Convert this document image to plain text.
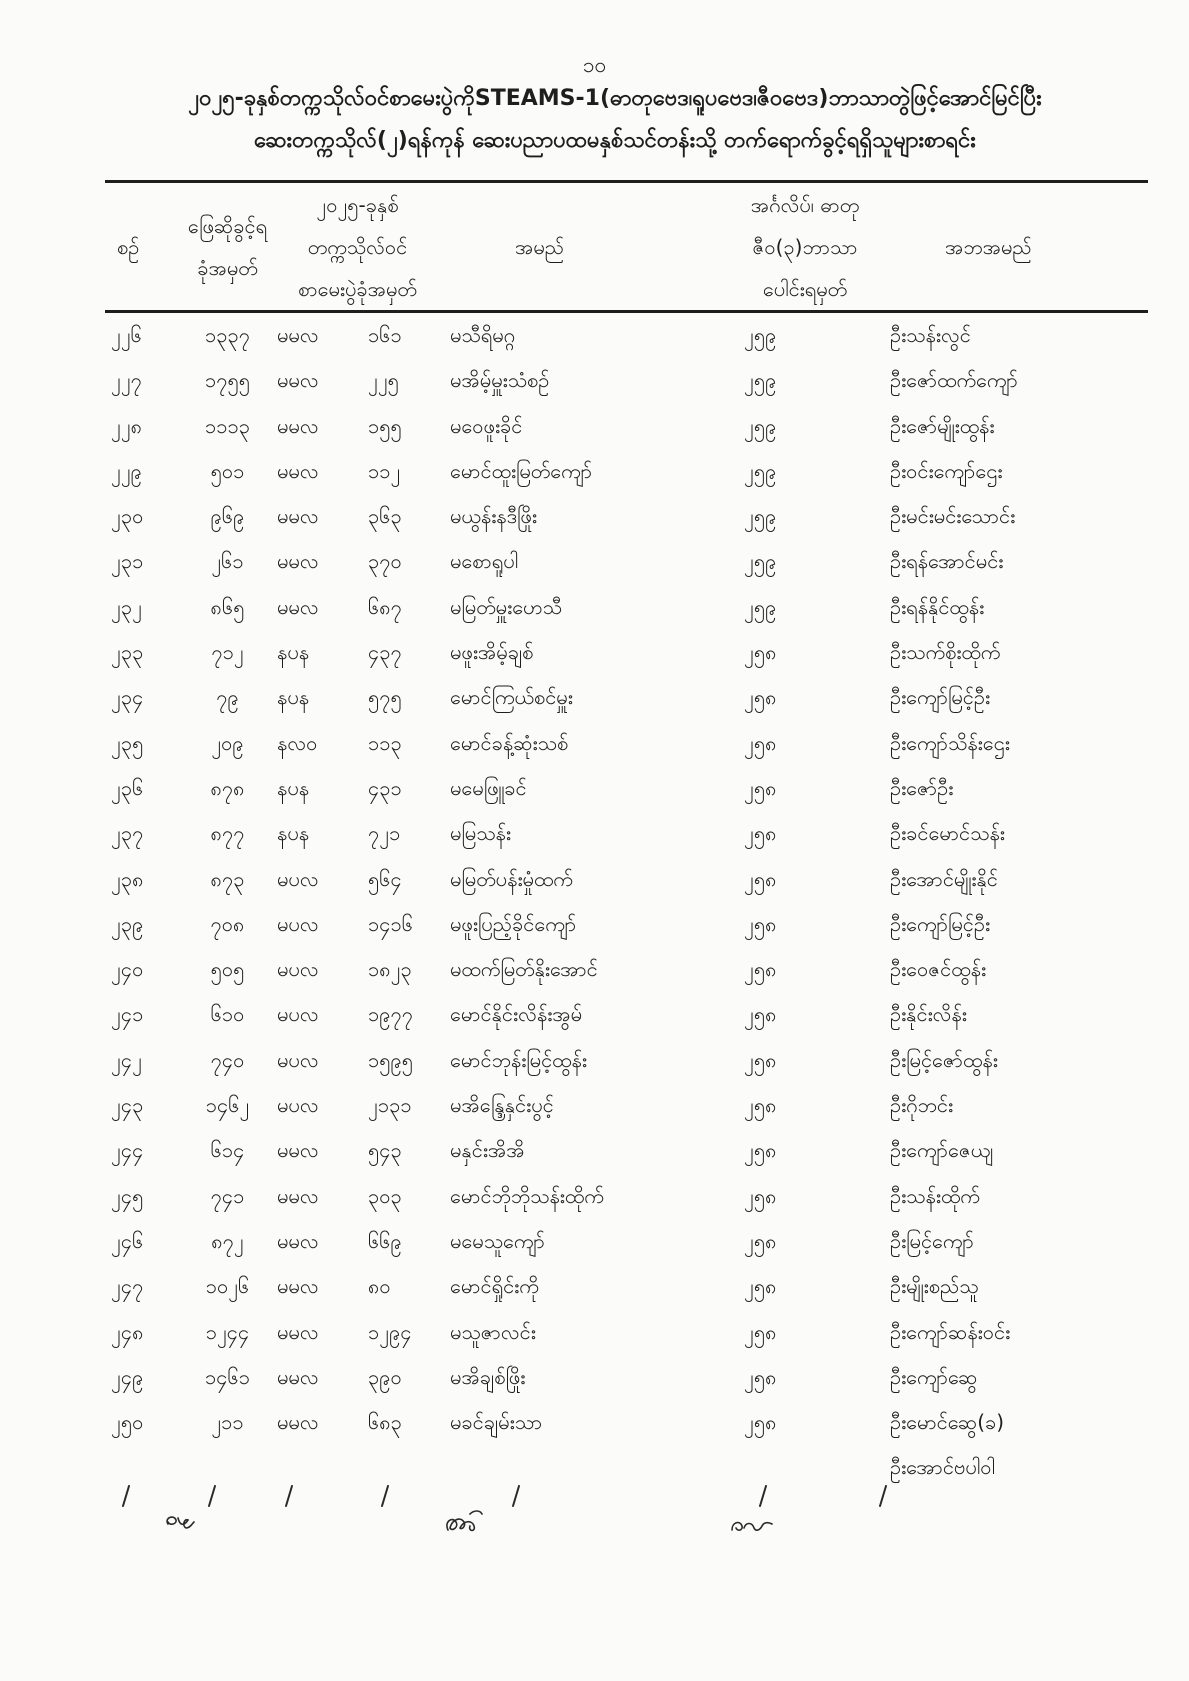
၁၀
၂၀၂၅-ခုနှစ်တက္ကသိုလ်ဝင်စာမေးပွဲကိုSTEAMS-1(ဓာတုဗေဒ၊ရူပဗေဒ၊ဇီဝဗေဒ)ဘာသာတွဲဖြင့်အောင်မြင်ပြီး
ဆေးတက္ကသိုလ်(၂)ရန်ကုန် ဆေးပညာပထမနှစ်သင်တန်းသို့ တက်ရောက်ခွင့်ရရှိသူများစာရင်း
စဉ်
ဖြေဆိုခွင့်ရ
ခုံအမှတ်
၂၀၂၅-ခုနှစ်
တက္ကသိုလ်ဝင်
စာမေးပွဲခုံအမှတ်
အမည်
အင်္ဂလိပ်၊ ဓာတု
ဇီဝ(၃)ဘာသာ
ပေါင်းရမှတ်
အဘအမည်
၂၂၆	၁၃၃၇	မမလ	၁၆၁	မသီရိမဂ္ဂ	၂၅၉	ဦးသန်းလွင်
၂၂၇	၁၇၅၅	မမလ	၂၂၅	မအိမ့်မှူးသံစဉ်	၂၅၉	ဦးဇော်ထက်ကျော်
၂၂၈	၁၁၁၃	မမလ	၁၅၅	မဝေဖူးခိုင်	၂၅၉	ဦးဇော်မျိုးထွန်း
၂၂၉	၅၀၁	မမလ	၁၁၂	မောင်ထူးမြတ်ကျော်	၂၅၉	ဦးဝင်းကျော်ဌေး
၂၃၀	၉၆၉	မမလ	၃၆၃	မယွန်းနဒီဖြိုး	၂၅၉	ဦးမင်းမင်းသောင်း
၂၃၁	၂၆၁	မမလ	၃၇၀	မစောရူပါ	၂၅၉	ဦးရန်အောင်မင်း
၂၃၂	၈၆၅	မမလ	၆၈၇	မမြတ်မှူးဟေသီ	၂၅၉	ဦးရန်နိုင်ထွန်း
၂၃၃	၇၁၂	နပန	၄၃၇	မဖူးအိမ့်ချစ်	၂၅၈	ဦးသက်စိုးထိုက်
၂၃၄	၇၉	နပန	၅၇၅	မောင်ကြယ်စင်မှူး	၂၅၈	ဦးကျော်မြင့်ဦး
၂၃၅	၂၀၉	နလဝ	၁၁၃	မောင်ခန့်ဆုံးသစ်	၂၅၈	ဦးကျော်သိန်းဌေး
၂၃၆	၈၇၈	နပန	၄၃၁	မမေဖြူခင်	၂၅၈	ဦးဇော်ဦး
၂၃၇	၈၇၇	နပန	၇၂၁	မမြသန်း	၂၅၈	ဦးခင်မောင်သန်း
၂၃၈	၈၇၃	မပလ	၅၆၄	မမြတ်ပန်းမှုံထက်	၂၅၈	ဦးအောင်မျိုးနိုင်
၂၃၉	၇၀၈	မပလ	၁၄၁၆	မဖူးပြည့်ခိုင်ကျော်	၂၅၈	ဦးကျော်မြင့်ဦး
၂၄၀	၅၀၅	မပလ	၁၈၂၃	မထက်မြတ်နိုးအောင်	၂၅၈	ဦးဝေဇင်ထွန်း
၂၄၁	၆၁၀	မပလ	၁၉၇၇	မောင်နိုင်းလိန်းအွမ်	၂၅၈	ဦးနိုင်းလိန်း
၂၄၂	၇၄၀	မပလ	၁၅၉၅	မောင်ဘုန်းမြင့်ထွန်း	၂၅၈	ဦးမြင့်ဇော်ထွန်း
၂၄၃	၁၄၆၂	မပလ	၂၁၃၁	မအိန္ဒြေနှင်းပွင့်	၂၅၈	ဦးဂိုဘင်း
၂၄၄	၆၁၄	မမလ	၅၄၃	မနှင်းအိအိ	၂၅၈	ဦးကျော်ဇေယျ
၂၄၅	၇၄၁	မမလ	၃၀၃	မောင်ဘိုဘိုသန်းထိုက်	၂၅၈	ဦးသန်းထိုက်
၂၄၆	၈၇၂	မမလ	၆၆၉	မမေသူကျော်	၂၅၈	ဦးမြင့်ကျော်
၂၄၇	၁၀၂၆	မမလ	၈၀	မောင်ရှိုင်းကို	၂၅၈	ဦးမျိုးစည်သူ
၂၄၈	၁၂၄၄	မမလ	၁၂၉၄	မသူဇာလင်း	၂၅၈	ဦးကျော်ဆန်းဝင်း
၂၄၉	၁၄၆၁	မမလ	၃၉၀	မအိချစ်ဖြိုး	၂၅၈	ဦးကျော်ဆွေ
၂၅၀	၂၁၁	မမလ	၆၈၃	မခင်ချမ်းသာ	၂၅၈	ဦးမောင်ဆွေ(ခ)
ဦးအောင်ဗပါဝါ
